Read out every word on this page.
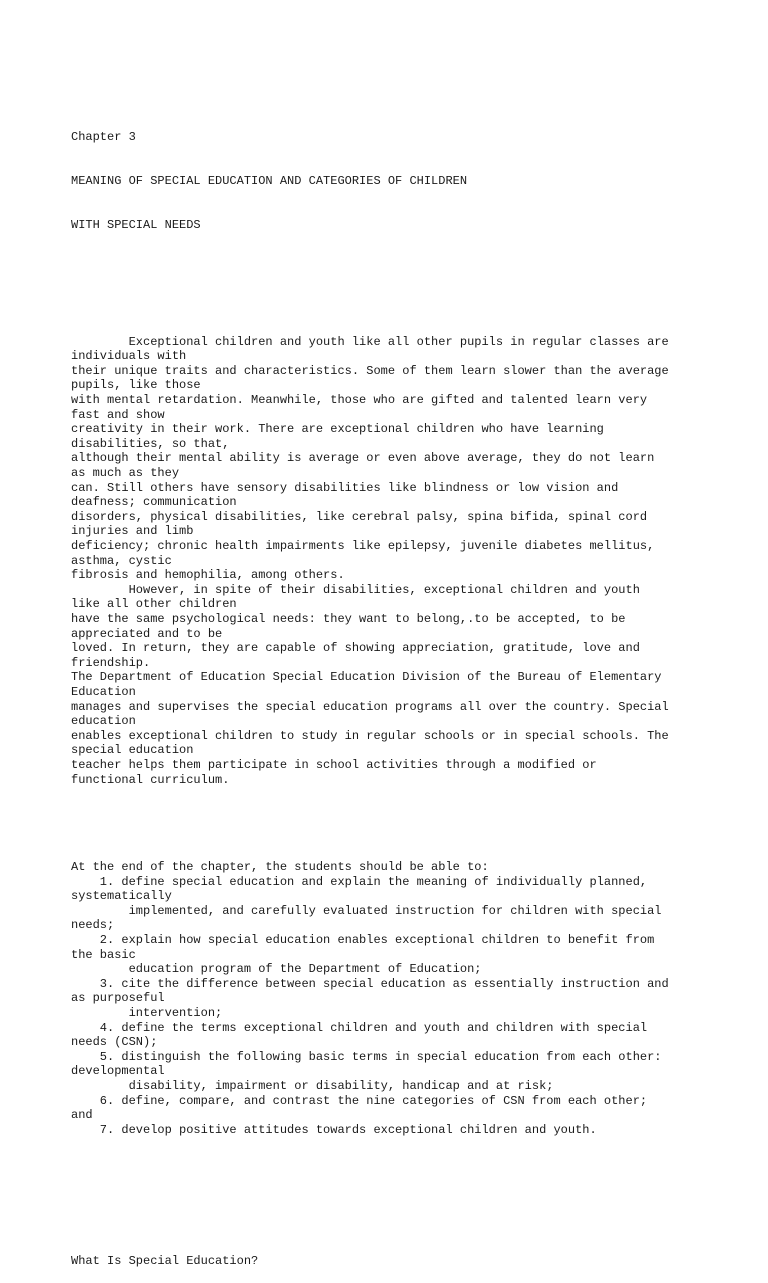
Chapter 3

MEANING OF SPECIAL EDUCATION AND CATEGORIES OF CHILDREN

WITH SPECIAL NEEDS

Exceptional children and youth like all other pupils in regular classes are
individuals with
their unique traits and characteristics. Some of them learn slower than the average
pupils, like those
with mental retardation. Meanwhile, those who are gifted and talented learn very
fast and show
creativity in their work. There are exceptional children who have learning
disabilities, so that,
although their mental ability is average or even above average, they do not learn
as much as they
can. Still others have sensory disabilities like blindness or low vision and
deafness; communication
disorders, physical disabilities, like cerebral palsy, spina bifida, spinal cord
injuries and limb
deficiency; chronic health impairments like epilepsy, juvenile diabetes mellitus,
asthma, cystic
fibrosis and hemophilia, among others.
However, in spite of their disabilities, exceptional children and youth
like all other children
have the same psychological needs: they want to belong,.to be accepted, to be
appreciated and to be
loved. In return, they are capable of showing appreciation, gratitude, love and
friendship.
The Department of Education Special Education Division of the Bureau of Elementary
Education
manages and supervises the special education programs all over the country. Special
education
enables exceptional children to study in regular schools or in special schools. The
special education
teacher helps them participate in school activities through a modified or
functional curriculum.

At the end of the chapter, the students should be able to:
1. define special education and explain the meaning of individually planned,
systematically
implemented, and carefully evaluated instruction for children with special
needs;
2. explain how special education enables exceptional children to benefit from
the basic
education program of the Department of Education;
3. cite the difference between special education as essentially instruction and
as purposeful
intervention;
4. define the terms exceptional children and youth and children with special
needs (CSN);
5. distinguish the following basic terms in special education from each other:
developmental
disability, impairment or disability, handicap and at risk;
6. define, compare, and contrast the nine categories of CSN from each other;
and
7. develop positive attitudes towards exceptional children and youth.

What Is Special Education?
